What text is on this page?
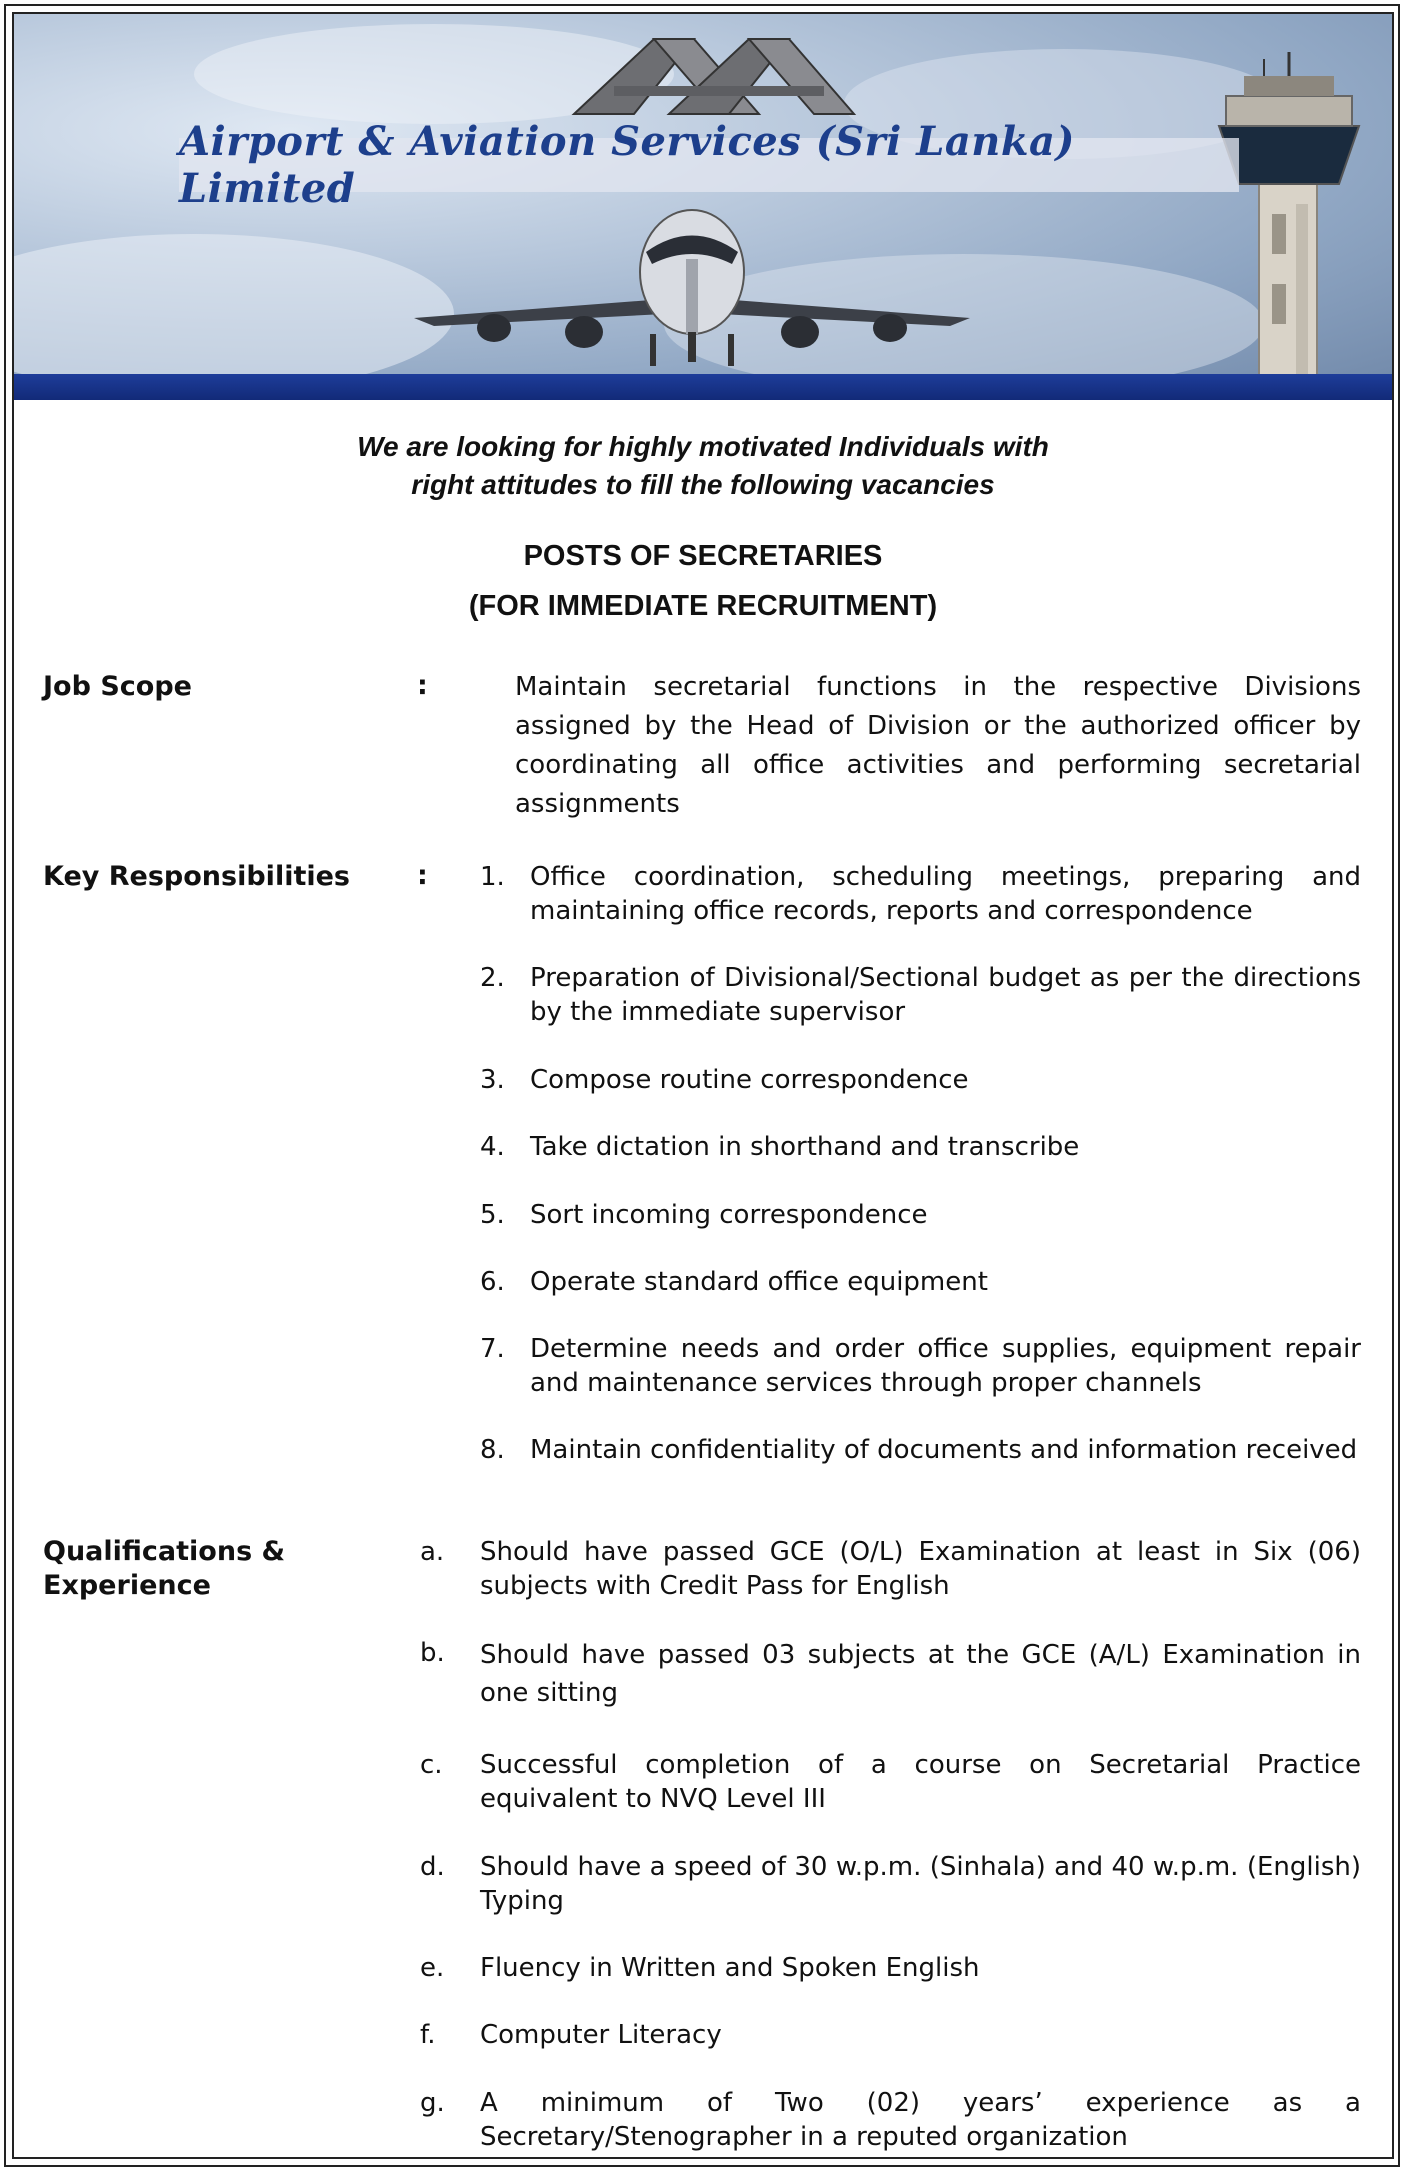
Airport & Aviation Services (Sri Lanka) Limited
We are looking for highly motivated Individuals with
right attitudes to fill the following vacancies
POSTS OF SECRETARIES
(FOR IMMEDIATE RECRUITMENT)
Job Scope	:	Maintain secretarial functions in the respective Divisions assigned by the Head of Division or the authorized officer by coordinating all office activities and performing secretarial assignments
Key Responsibilities : 1. Office coordination, scheduling meetings, preparing and maintaining office records, reports and correspondence
2. Preparation of Divisional/Sectional budget as per the directions by the immediate supervisor
3. Compose routine correspondence
4. Take dictation in shorthand and transcribe
5. Sort incoming correspondence
6. Operate standard office equipment
7. Determine needs and order office supplies, equipment repair and maintenance services through proper channels
8. Maintain confidentiality of documents and information received
Qualifications &
Experience
a.	Should have passed GCE (O/L) Examination at least in Six (06) subjects with Credit Pass for English
b.	Should have passed 03 subjects at the GCE (A/L) Examination in one sitting
c.	Successful completion of a course on Secretarial Practice equivalent to NVQ Level III
d.	Should have a speed of 30 w.p.m. (Sinhala) and 40 w.p.m. (English) Typing
e.	Fluency in Written and Spoken English
f.	Computer Literacy
g.	A minimum of Two (02) years’ experience as a Secretary/Stenographer in a reputed organization
